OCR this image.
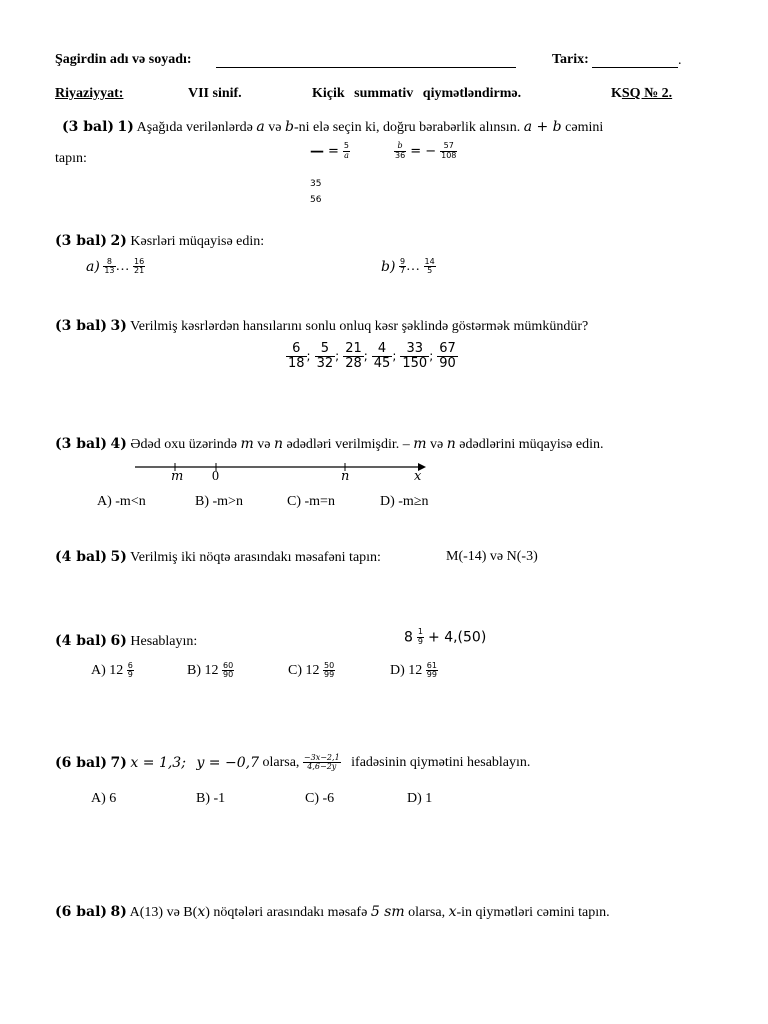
Şagirdin adı və soyadı:	Tarix:	.
Riyaziyyat:	VII sinif.	Kiçik summativ qiymətləndirmə.	KSQ № 2.
(3 bal) 1) Aşağıda verilənlərdə a və b-ni elə seçin ki, doğru bərabərlik alınsın. a + b cəmini
tapın:	— = $\frac{5}{a}$	$\frac{b}{36}$ = − $\frac{57}{108}$
35
56
(3 bal) 2) Kəsrləri müqayisə edin:
$a) \frac{8}{13}$ … $\frac{16}{21}$	$b) \frac{9}{7}$ … $\frac{14}{5}$
(3 bal) 3) Verilmiş kəsrlərdən hansılarını sonlu onluq kəsr şəklində göstərmək mümkündür?
$\frac{6}{18}$ ; $\frac{5}{32}$ ; $\frac{21}{28}$ ; $\frac{4}{45}$ ; $\frac{33}{150}$ ; $\frac{67}{90}$
(3 bal) 4) Ədəd oxu üzərində m və n ədədləri verilmişdir. – m və n ədədlərini müqayisə edin.
m 0	n	x
A) -m<n	B) -m>n	C) -m=n	D) -m≥n
(4 bal) 5) Verilmiş iki nöqtə arasındakı məsafəni tapın:	M(-14) və N(-3)
(4 bal) 6) Hesablayın:	$8 \frac{1}{9} + 4,(50)$
A) $12 \frac{6}{9}$	B) $12 \frac{60}{90}$	C) $12 \frac{50}{99}$	D) $12 \frac{61}{99}$
(6 bal) 7) x = 1,3; y = −0,7 olarsa, $\frac{-3x-2,1}{4,6-2y}$ ifadəsinin qiymətini hesablayın.
A) 6	B) -1	C) -6	D) 1
(6 bal) 8) A(13) və B(x) nöqtələri arasındakı məsafə 5 sm olarsa, x-in qiymətləri cəmini tapın.
